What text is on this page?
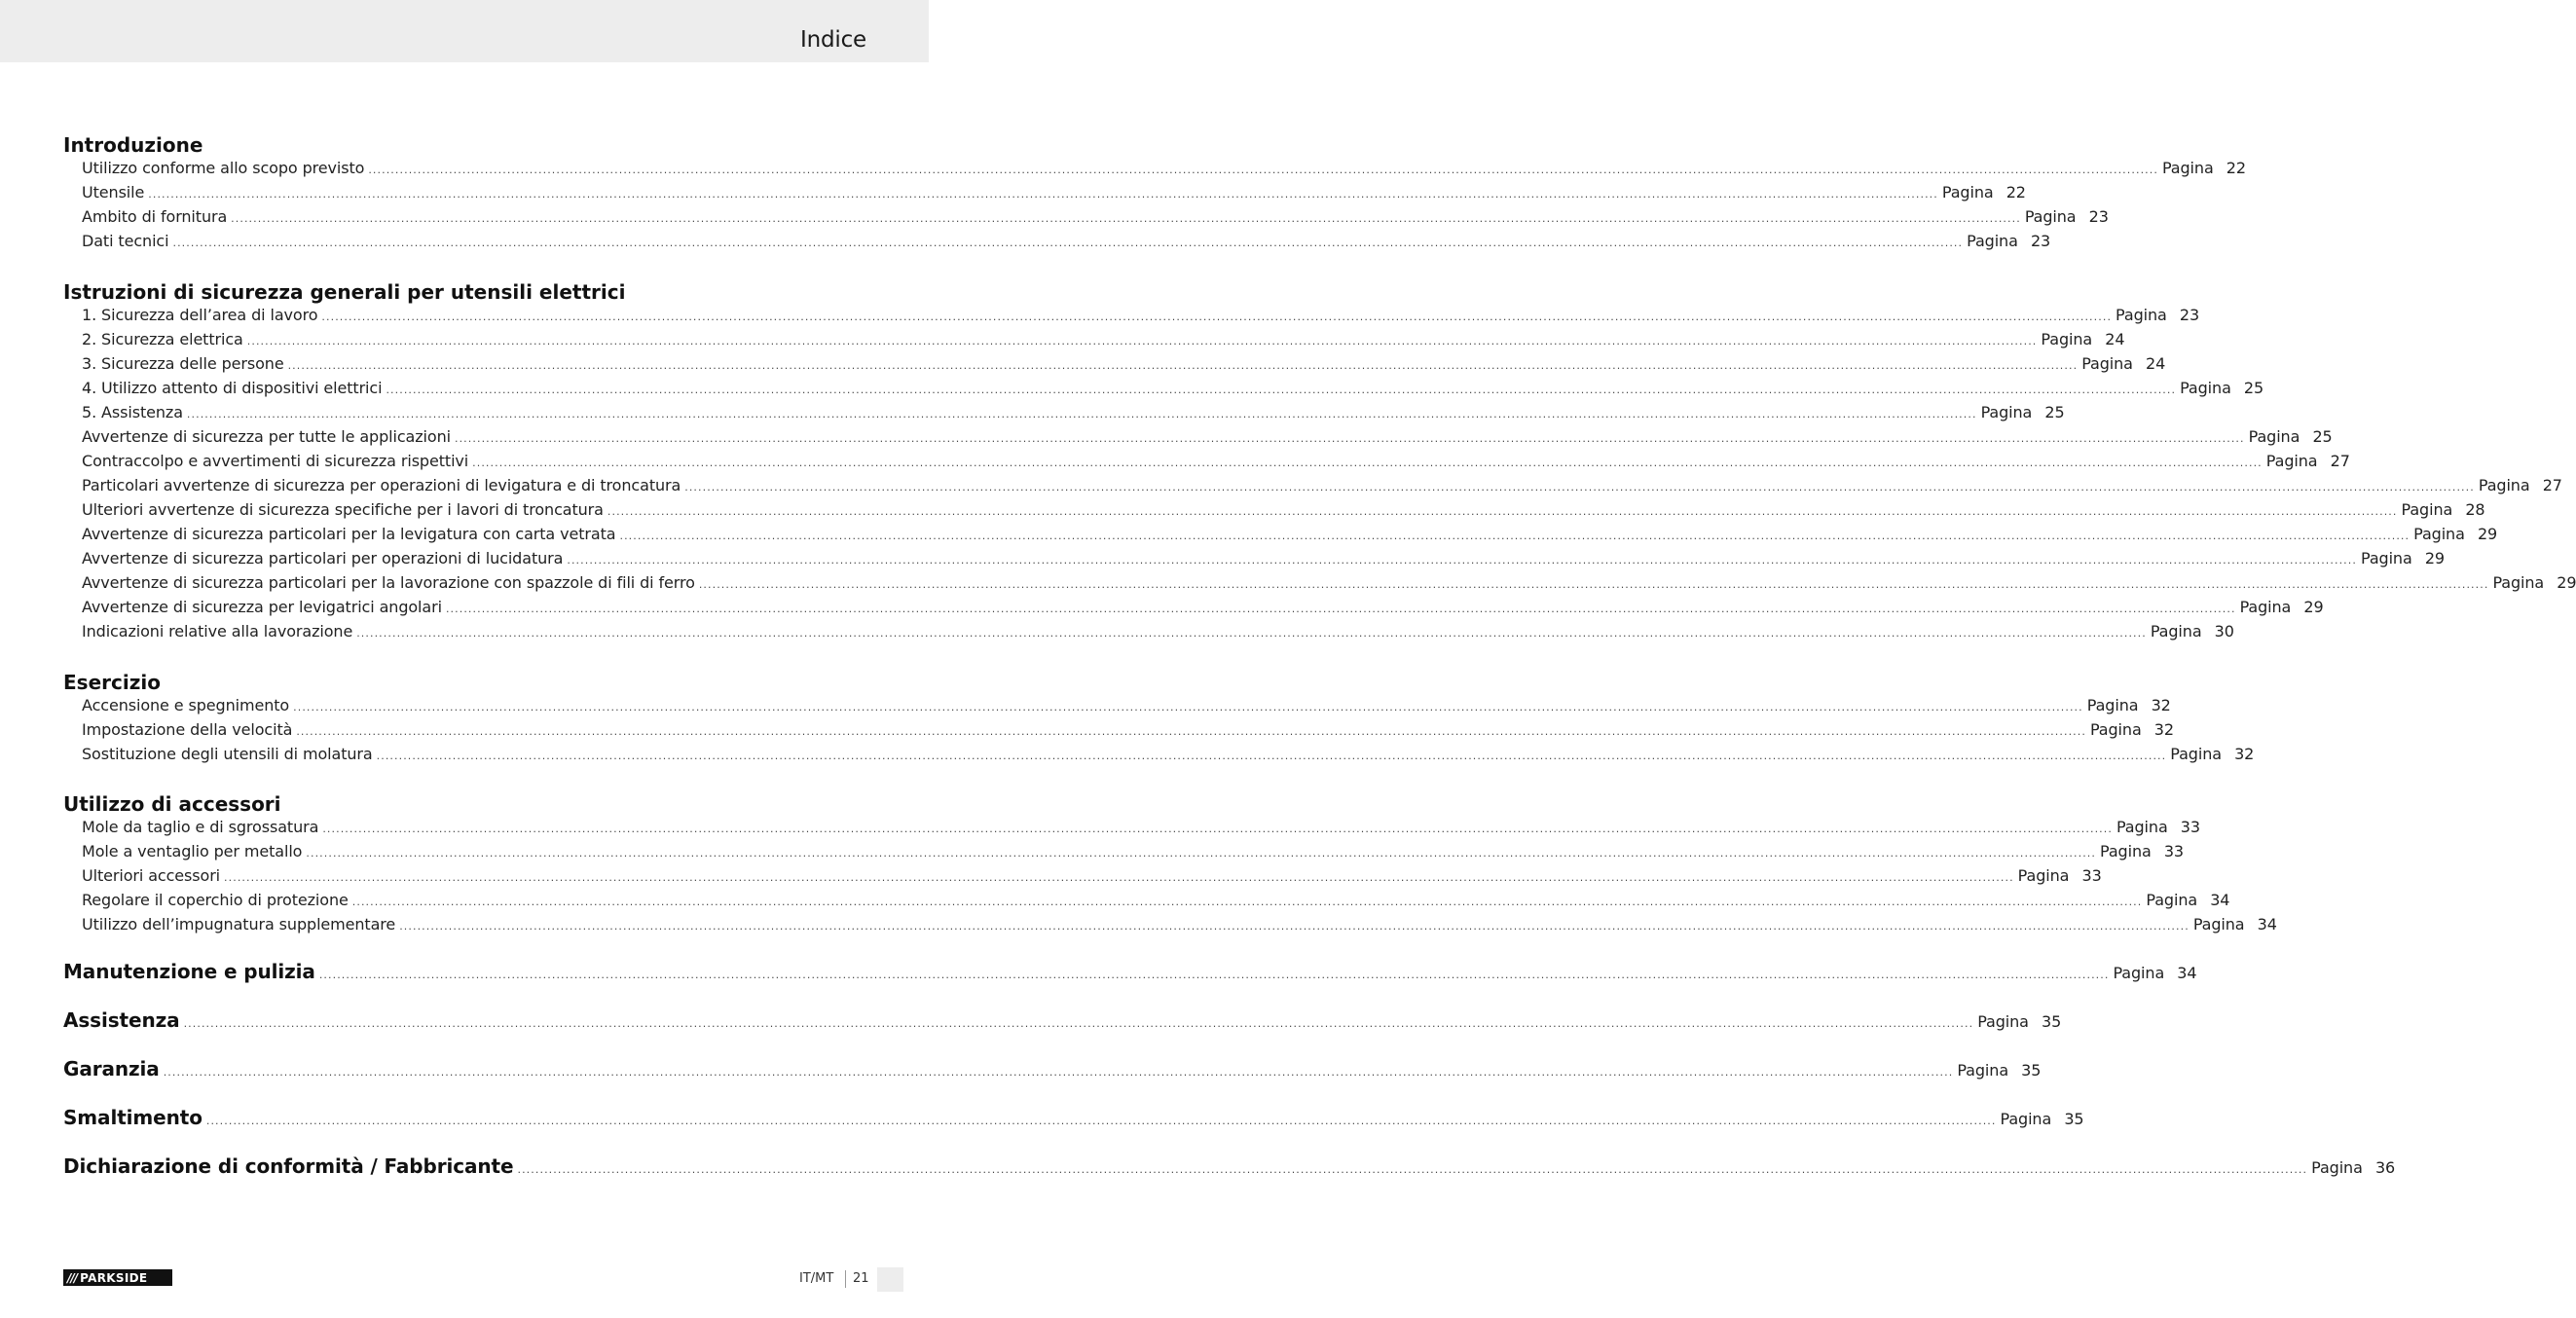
Indice
Introduzione
Utilizzo conforme allo scopo previsto ................................................................................................................................................................................................................................................................................................................................................................................................................ Pagina 22
Utensile ................................................................................................................................................................................................................................................................................................................................................................................................................ Pagina 22
Ambito di fornitura ................................................................................................................................................................................................................................................................................................................................................................................................................ Pagina 23
Dati tecnici ................................................................................................................................................................................................................................................................................................................................................................................................................ Pagina 23
Istruzioni di sicurezza generali per utensili elettrici
1. Sicurezza dell’area di lavoro ................................................................................................................................................................................................................................................................................................................................................................................................................ Pagina 23
2. Sicurezza elettrica ................................................................................................................................................................................................................................................................................................................................................................................................................ Pagina 24
3. Sicurezza delle persone ................................................................................................................................................................................................................................................................................................................................................................................................................ Pagina 24
4. Utilizzo attento di dispositivi elettrici ................................................................................................................................................................................................................................................................................................................................................................................................................ Pagina 25
5. Assistenza ................................................................................................................................................................................................................................................................................................................................................................................................................ Pagina 25
Avvertenze di sicurezza per tutte le applicazioni ................................................................................................................................................................................................................................................................................................................................................................................................................ Pagina 25
Contraccolpo e avvertimenti di sicurezza rispettivi ................................................................................................................................................................................................................................................................................................................................................................................................................ Pagina 27
Particolari avvertenze di sicurezza per operazioni di levigatura e di troncatura ................................................................................................................................................................................................................................................................................................................................................................................................................ Pagina 27
Ulteriori avvertenze di sicurezza specifiche per i lavori di troncatura ................................................................................................................................................................................................................................................................................................................................................................................................................ Pagina 28
Avvertenze di sicurezza particolari per la levigatura con carta vetrata ................................................................................................................................................................................................................................................................................................................................................................................................................ Pagina 29
Avvertenze di sicurezza particolari per operazioni di lucidatura ................................................................................................................................................................................................................................................................................................................................................................................................................ Pagina 29
Avvertenze di sicurezza particolari per la lavorazione con spazzole di fili di ferro ................................................................................................................................................................................................................................................................................................................................................................................................................ Pagina 29
Avvertenze di sicurezza per levigatrici angolari ................................................................................................................................................................................................................................................................................................................................................................................................................ Pagina 29
Indicazioni relative alla lavorazione ................................................................................................................................................................................................................................................................................................................................................................................................................ Pagina 30
Esercizio
Accensione e spegnimento ................................................................................................................................................................................................................................................................................................................................................................................................................ Pagina 32
Impostazione della velocità ................................................................................................................................................................................................................................................................................................................................................................................................................ Pagina 32
Sostituzione degli utensili di molatura ................................................................................................................................................................................................................................................................................................................................................................................................................ Pagina 32
Utilizzo di accessori
Mole da taglio e di sgrossatura ................................................................................................................................................................................................................................................................................................................................................................................................................ Pagina 33
Mole a ventaglio per metallo ................................................................................................................................................................................................................................................................................................................................................................................................................ Pagina 33
Ulteriori accessori ................................................................................................................................................................................................................................................................................................................................................................................................................ Pagina 33
Regolare il coperchio di protezione ................................................................................................................................................................................................................................................................................................................................................................................................................ Pagina 34
Utilizzo dell’impugnatura supplementare ................................................................................................................................................................................................................................................................................................................................................................................................................ Pagina 34
Manutenzione e pulizia ................................................................................................................................................................................................................................................................................................................................................................................................................ Pagina 34
Assistenza ................................................................................................................................................................................................................................................................................................................................................................................................................ Pagina 35
Garanzia ................................................................................................................................................................................................................................................................................................................................................................................................................ Pagina 35
Smaltimento ................................................................................................................................................................................................................................................................................................................................................................................................................ Pagina 35
Dichiarazione di conformità / Fabbricante ................................................................................................................................................................................................................................................................................................................................................................................................................ Pagina 36
/// PARKSIDE	IT/MT 21
